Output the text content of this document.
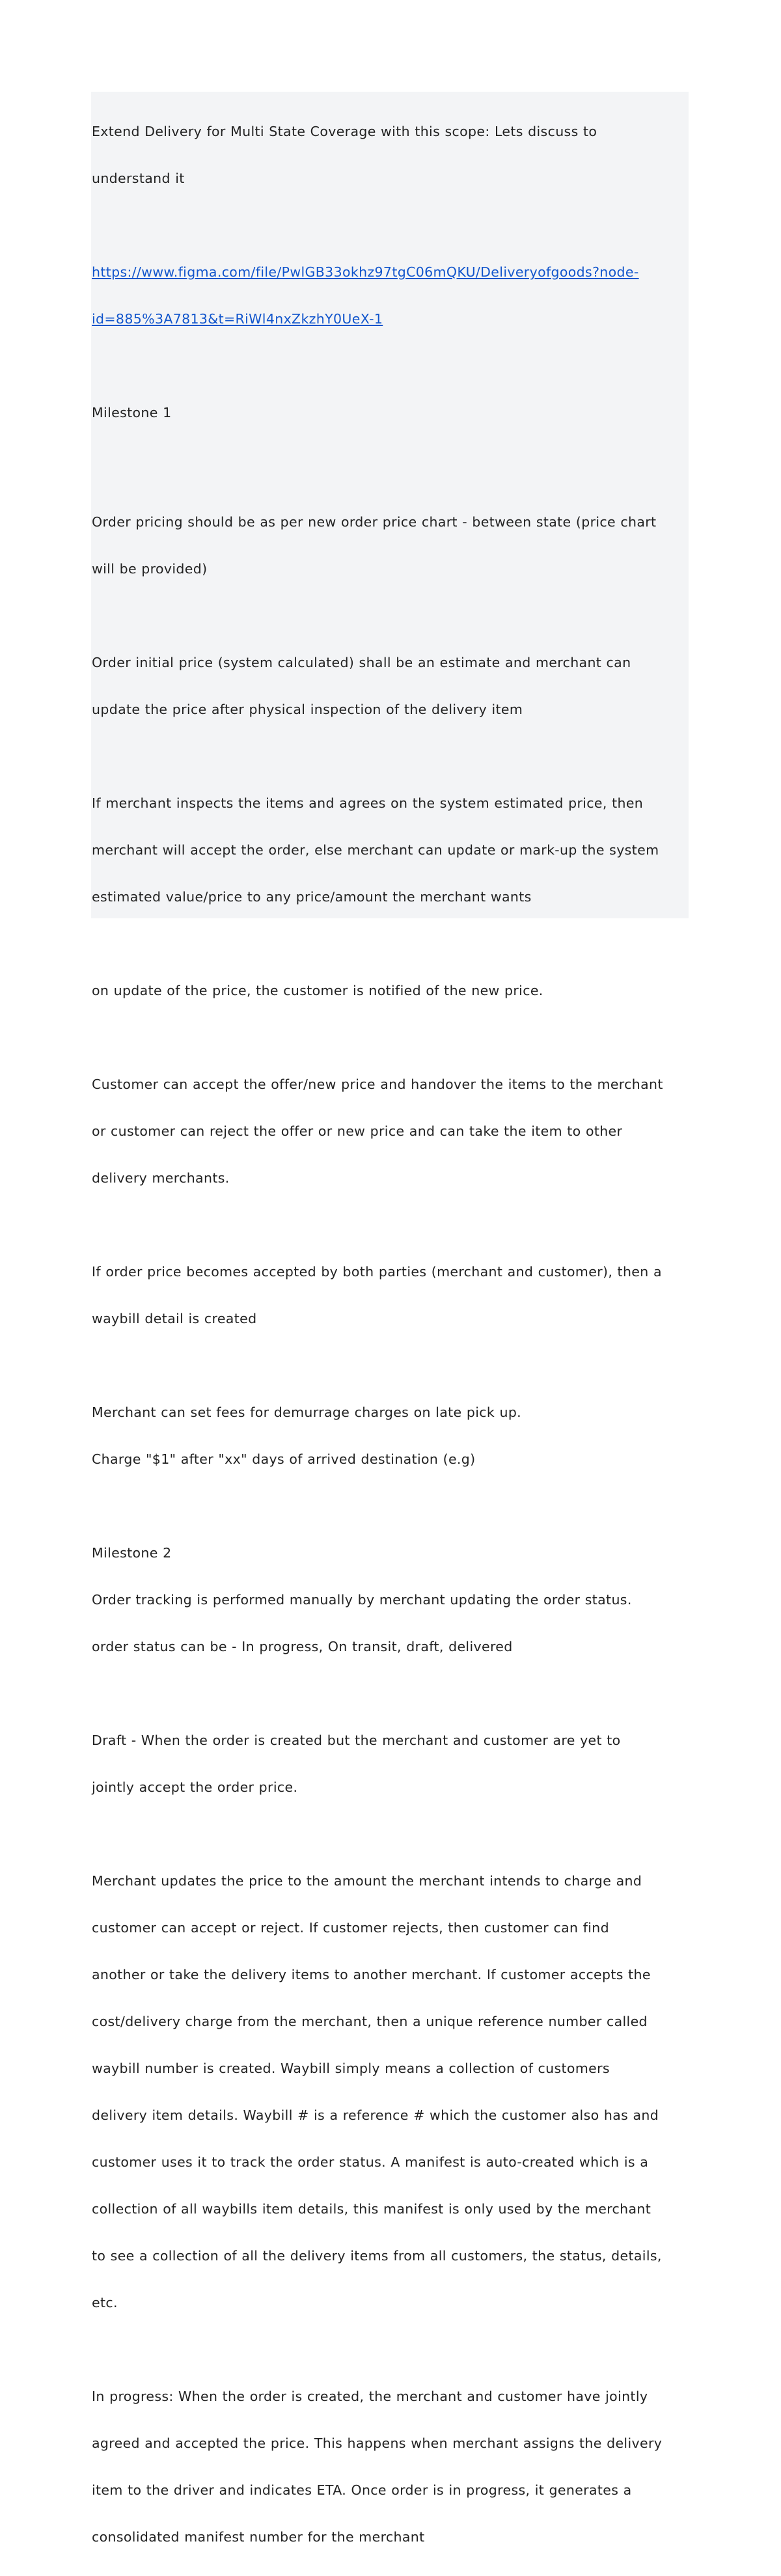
Extend Delivery for Multi State Coverage with this scope: Lets discuss to

understand it

https://www.figma.com/file/PwlGB33okhz97tgC06mQKU/Deliveryofgoods?node-

id=885%3A7813&t=RiWl4nxZkzhY0UeX-1

Milestone 1

Order pricing should be as per new order price chart - between state (price chart

will be provided)

Order initial price (system calculated) shall be an estimate and merchant can

update the price after physical inspection of the delivery item

If merchant inspects the items and agrees on the system estimated price, then

merchant will accept the order, else merchant can update or mark-up the system

estimated value/price to any price/amount the merchant wants

on update of the price, the customer is notified of the new price.

Customer can accept the offer/new price and handover the items to the merchant

or customer can reject the offer or new price and can take the item to other

delivery merchants.

If order price becomes accepted by both parties (merchant and customer), then a

waybill detail is created

Merchant can set fees for demurrage charges on late pick up.

Charge "$1" after "xx" days of arrived destination (e.g)

Milestone 2

Order tracking is performed manually by merchant updating the order status.

order status can be - In progress, On transit, draft, delivered

Draft - When the order is created but the merchant and customer are yet to

jointly accept the order price.

Merchant updates the price to the amount the merchant intends to charge and

customer can accept or reject. If customer rejects, then customer can find

another or take the delivery items to another merchant. If customer accepts the

cost/delivery charge from the merchant, then a unique reference number called

waybill number is created. Waybill simply means a collection of customers

delivery item details. Waybill # is a reference # which the customer also has and

customer uses it to track the order status. A manifest is auto-created which is a

collection of all waybills item details, this manifest is only used by the merchant

to see a collection of all the delivery items from all customers, the status, details,

etc.

In progress: When the order is created, the merchant and customer have jointly

agreed and accepted the price. This happens when merchant assigns the delivery

item to the driver and indicates ETA. Once order is in progress, it generates a

consolidated manifest number for the merchant
